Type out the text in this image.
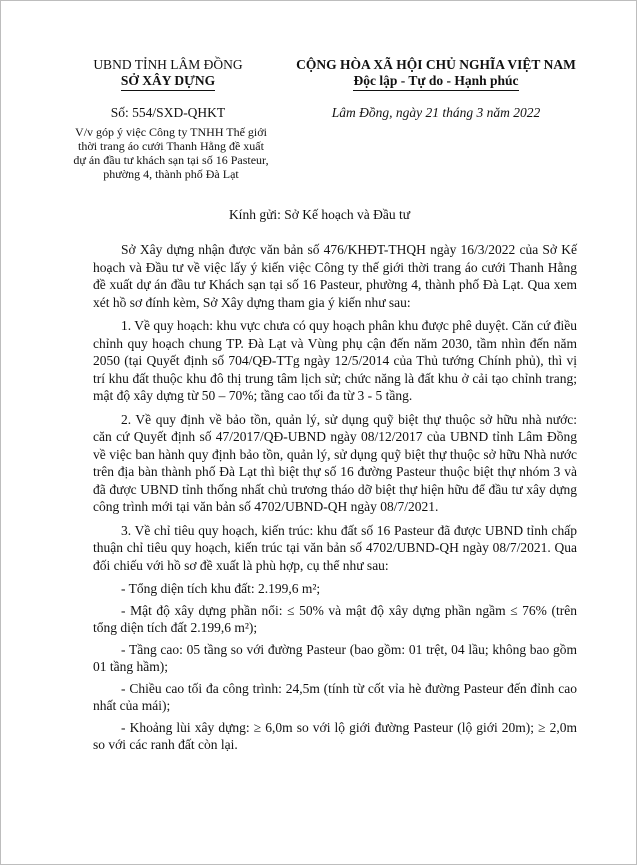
UBND TỈNH LÂM ĐỒNG
SỞ XÂY DỰNG
CỘNG HÒA XÃ HỘI CHỦ NGHĨA VIỆT NAM
Độc lập - Tự do - Hạnh phúc
Số: 554/SXD-QHKT
V/v góp ý việc Công ty TNHH Thế giới thời trang áo cưới Thanh Hằng đề xuất dự án đầu tư khách sạn tại số 16 Pasteur, phường 4, thành phố Đà Lạt
Lâm Đồng, ngày 21 tháng 3 năm 2022
Kính gửi: Sở Kế hoạch và Đầu tư

Sở Xây dựng nhận được văn bản số 476/KHĐT-THQH ngày 16/3/2022 của Sở Kế hoạch và Đầu tư về việc lấy ý kiến việc Công ty thế giới thời trang áo cưới Thanh Hằng đề xuất dự án đầu tư Khách sạn tại số 16 Pasteur, phường 4, thành phố Đà Lạt. Qua xem xét hồ sơ đính kèm, Sở Xây dựng tham gia ý kiến như sau:

1. Về quy hoạch: khu vực chưa có quy hoạch phân khu được phê duyệt. Căn cứ điều chỉnh quy hoạch chung TP. Đà Lạt và Vùng phụ cận đến năm 2030, tầm nhìn đến năm 2050 (tại Quyết định số 704/QĐ-TTg ngày 12/5/2014 của Thủ tướng Chính phủ), thì vị trí khu đất thuộc khu đô thị trung tâm lịch sử; chức năng là đất khu ở cải tạo chỉnh trang; mật độ xây dựng từ 50 – 70%; tầng cao tối đa từ 3 - 5 tầng.

2. Về quy định về bảo tồn, quản lý, sử dụng quỹ biệt thự thuộc sở hữu nhà nước: căn cứ Quyết định số 47/2017/QĐ-UBND ngày 08/12/2017 của UBND tỉnh Lâm Đồng về việc ban hành quy định bảo tồn, quản lý, sử dụng quỹ biệt thự thuộc sở hữu Nhà nước trên địa bàn thành phố Đà Lạt thì biệt thự số 16 đường Pasteur thuộc biệt thự nhóm 3 và đã được UBND tỉnh thống nhất chủ trương tháo dỡ biệt thự hiện hữu để đầu tư xây dựng công trình mới tại văn bản số 4702/UBND-QH ngày 08/7/2021.

3. Về chỉ tiêu quy hoạch, kiến trúc: khu đất số 16 Pasteur đã được UBND tỉnh chấp thuận chỉ tiêu quy hoạch, kiến trúc tại văn bản số 4702/UBND-QH ngày 08/7/2021. Qua đối chiếu với hồ sơ đề xuất là phù hợp, cụ thể như sau:

- Tổng diện tích khu đất: 2.199,6 m²;

- Mật độ xây dựng phần nổi: ≤ 50% và mật độ xây dựng phần ngầm ≤ 76% (trên tổng diện tích đất 2.199,6 m²);

- Tầng cao: 05 tầng so với đường Pasteur (bao gồm: 01 trệt, 04 lầu; không bao gồm 01 tầng hầm);

- Chiều cao tối đa công trình: 24,5m (tính từ cốt vỉa hè đường Pasteur đến đỉnh cao nhất của mái);

- Khoảng lùi xây dựng: ≥ 6,0m so với lộ giới đường Pasteur (lộ giới 20m); ≥ 2,0m so với các ranh đất còn lại.
